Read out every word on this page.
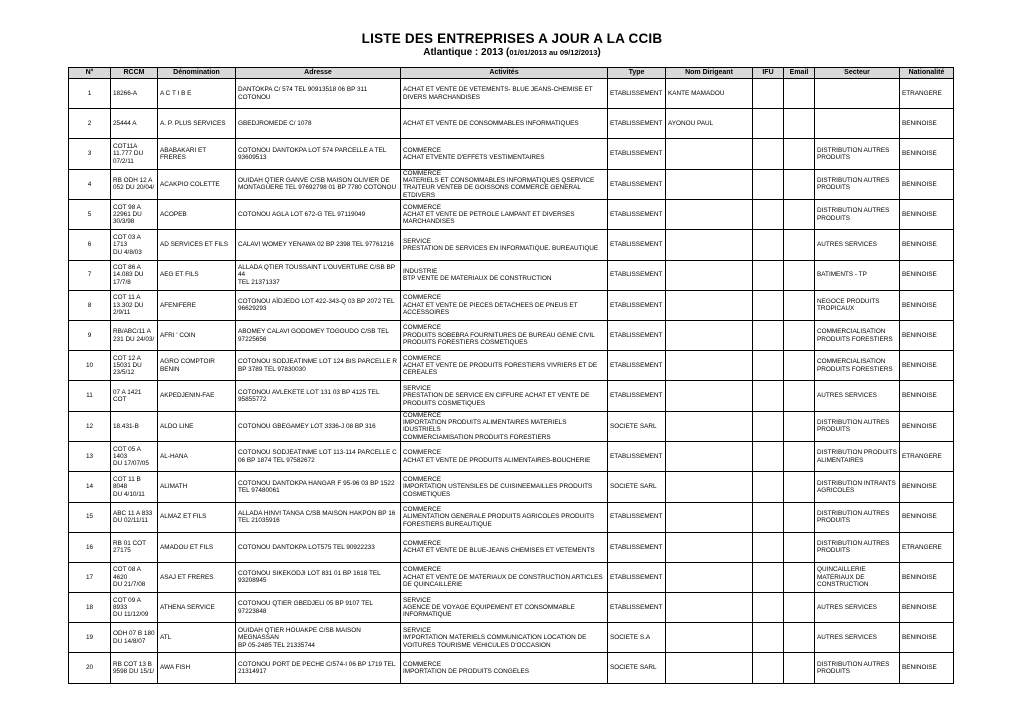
LISTE DES ENTREPRISES A JOUR A LA CCIB
Atlantique : 2013 (01/01/2013 au 09/12/2013)
N°	RCCM	Dénomination	Adresse	Activités	Type	Nom Dirigeant	IFU	Email	Secteur	Nationalité
1	18266-A	A C T I B E	DANTOKPA C/ 574 TEL 90913518 06 BP 311 COTONOU	ACHAT ET VENTE DE VETEMENTS- BLUE JEANS-CHEMISE ET
DIVERS MARCHANDISES	ETABLISSEMENT	KANTE MAMADOU				ETRANGERE
2	25444 A	A. P. PLUS SERVICES	GBEDJROMEDE C/ 1078	ACHAT ET VENTE DE CONSOMMABLES INFORMATIQUES	ETABLISSEMENT	AYONOU PAUL				BENINOISE
3	COT11A
11.777 DU
07/2/11	ABABAKARI ET FRERES	COTONOU DANTOKPA LOT 574 PARCELLE A TEL
93609513	COMMERCE
ACHAT ETVENTE D'EFFETS VESTIMENTAIRES	ETABLISSEMENT				DISTRIBUTION AUTRES
PRODUITS	BENINOISE
4	RB ODH 12 A
052 DU 20/04/	ACAKPIO COLETTE	OUIDAH QTIER GANVE C/SB MAISON OLIVIER DE
MONTAGUERE TEL 97692798 01 BP 7780 COTONOU	COMMERCE
MATERIELS ET CONSOMMABLES INFORMATIQUES QSERVICE
TRAITEUR VENTEB DE GOISSONS COMMERCE GENERAL
ETDIVERS	ETABLISSEMENT				DISTRIBUTION AUTRES
PRODUITS	BENINOISE
5	COT 98 A
22961 DU
30/3/98	ACOPEB	COTONOU AGLA LOT 672-G TEL 97119049	COMMERCE
ACHAT ET VENTE DE PETROLE LAMPANT ET DIVERSES
MARCHANDISES	ETABLISSEMENT				DISTRIBUTION AUTRES
PRODUITS	BENINOISE
6	COT 03 A 1713
DU 4/8/03	AD SERVICES ET FILS	CALAVI WOMEY YENAWA 02 BP 2398 TEL 97761216	SERVICE
PRESTATION DE SERVICES EN INFORMATIQUE. BUREAUTIQUE	ETABLISSEMENT				AUTRES SERVICES	BENINOISE
7	COT 86 A
14.083 DU
17/7/8	AEG ET FILS	ALLADA QTIER TOUSSAINT L'OUVERTURE C/SB BP 44
TEL 21371337	INDUSTRIE
BTP VENTE DE MATERIAUX DE CONSTRUCTION	ETABLISSEMENT				BATIMENTS - TP	BENINOISE
8	COT 11 A
13.302 DU
2/9/11	AFENIFERE	COTONOU AÏDJEDO LOT 422-343-Q 03 BP 2072 TEL
96629293	COMMERCE
ACHAT ET VENTE DE PIECES DETACHEES DE PNEUS ET
ACCESSOIRES	ETABLISSEMENT				NEGOCE PRODUITS
TROPICAUX	BENINOISE
9	RB/ABC/11 A
231 DU 24/03/	AFRI ' COIN	ABOMEY CALAVI GODOMEY TOGOUDO C/SB TEL
97225656	COMMERCE
PRODUITS SOBEBRA FOURNITURES DE BUREAU GENIE CIVIL
PRODUITS FORESTIERS COSMETIQUES	ETABLISSEMENT				COMMERCIALISATION
PRODUITS FORESTIERS	BENINOISE
10	COT 12 A
15031 DU
23/5/12	AGRO COMPTOIR BENIN	COTONOU SODJEATINME LOT 124 BIS PARCELLE R
BP 3789 TEL 97830030	COMMERCE
ACHAT ET VENTE DE PRODUITS FORESTIERS VIVRIERS ET DE
CEREALES	ETABLISSEMENT				COMMERCIALISATION
PRODUITS FORESTIERS	BENINOISE
11	07 A 1421 COT	AKPEDJENIN-FAE	COTONOU AVLEKETE LOT 131 03 BP 4125 TEL
95855772	SERVICE
PRESTATION DE SERVICE EN CIFFURE ACHAT ET VENTE DE
PRODUITS COSMETIQUES	ETABLISSEMENT				AUTRES SERVICES	BENINOISE
12	18.431-B	ALDO LINE	COTONOU GBEGAMEY LOT 3336-J 08 BP 316	COMMERCE
IMPORTATION PRODUITS ALIMENTAIRES MATERIELS IDUSTRIELS
COMMERCIAMISATION PRODUITS FORESTIERS	SOCIETE SARL				DISTRIBUTION AUTRES
PRODUITS	BENINOISE
13	COT 05 A 1403
DU 17/07/05	AL-HANA	COTONOU SODJEATINME LOT 113-114 PARCELLE C
06 BP 1874 TEL 97582672	COMMERCE
ACHAT ET VENTE DE PRODUITS ALIMENTAIRES-BOUCHERIE	ETABLISSEMENT				DISTRIBUTION PRODUITS
ALIMENTAIRES	ETRANGERE
14	COT 11 B 8048
DU 4/10/11	ALIMATH	COTONOU DANTOKPA HANGAR F 95-96 03 BP 1522
TEL 97480061	COMMERCE
IMPORTATION USTENSILES DE CUISINEEMAILLES PRODUITS
COSMETIQUES	SOCIETE SARL				DISTRIBUTION INTRANTS
AGRICOLES	BENINOISE
15	ABC 11 A 833
DU 02/11/11	ALMAZ ET FILS	ALLADA HINVI TANGA C/SB MAISON HAKPON BP 16
TEL 21035916	COMMERCE
ALIMENTATION GENERALE PRODUITS AGRICOLES PRODUITS
FORESTIERS BUREAUTIQUE	ETABLISSEMENT				DISTRIBUTION AUTRES
PRODUITS	BENINOISE
16	RB 01 COT
27175	AMADOU ET FILS	COTONOU DANTOKPA LOT575 TEL 90922233	COMMERCE
ACHAT ET VENTE DE BLUE-JEANS CHEMISES ET VETEMENTS	ETABLISSEMENT				DISTRIBUTION AUTRES
PRODUITS	ETRANGERE
17	COT 08 A 4620
DU 21/7/08	ASAJ ET FRERES	COTONOU SIKEKODJI LOT 831 01 BP 1618 TEL
93208945	COMMERCE
ACHAT ET VENTE DE MATERIAUX DE CONSTRUCTION ARTICLES
DE QUINCAILLERIE	ETABLISSEMENT				QUINCAILLERIE
MATERIAUX DE
CONSTRUCTION	BENINOISE
18	COT 09 A 8933
DU 11/12/09	ATHENA SERVICE	COTONOU QTIER GBEDJELI 05 BP 9107 TEL 97223848	SERVICE
AGENCE DE VOYAGE EQUIPEMENT ET CONSOMMABLE
INFORMATIQUE	ETABLISSEMENT				AUTRES SERVICES	BENINOISE
19	ODH 07 B 180
DU 14/8/07	ATL	OUIDAH QTIER HOUAKPE C/SB MAISON MEGNASSAN
BP 05-2485 TEL 21335744	SERVICE
IM'PORTATION MATERIELS COMMUNICATION LOCATION DE
VOITURES TOURISME VEHICULES D'OCCASION	SOCIETE S.A				AUTRES SERVICES	BENINOISE
20	RB COT 13 B
9598 DU 15/1/	AWA FISH	COTONOU PORT DE PECHE C/574-I 06 BP 1719 TEL
21314917	COMMERCE
IMPORTATION DE PRODUITS CONGELES	SOCIETE SARL				DISTRIBUTION AUTRES
PRODUITS	BENINOISE
